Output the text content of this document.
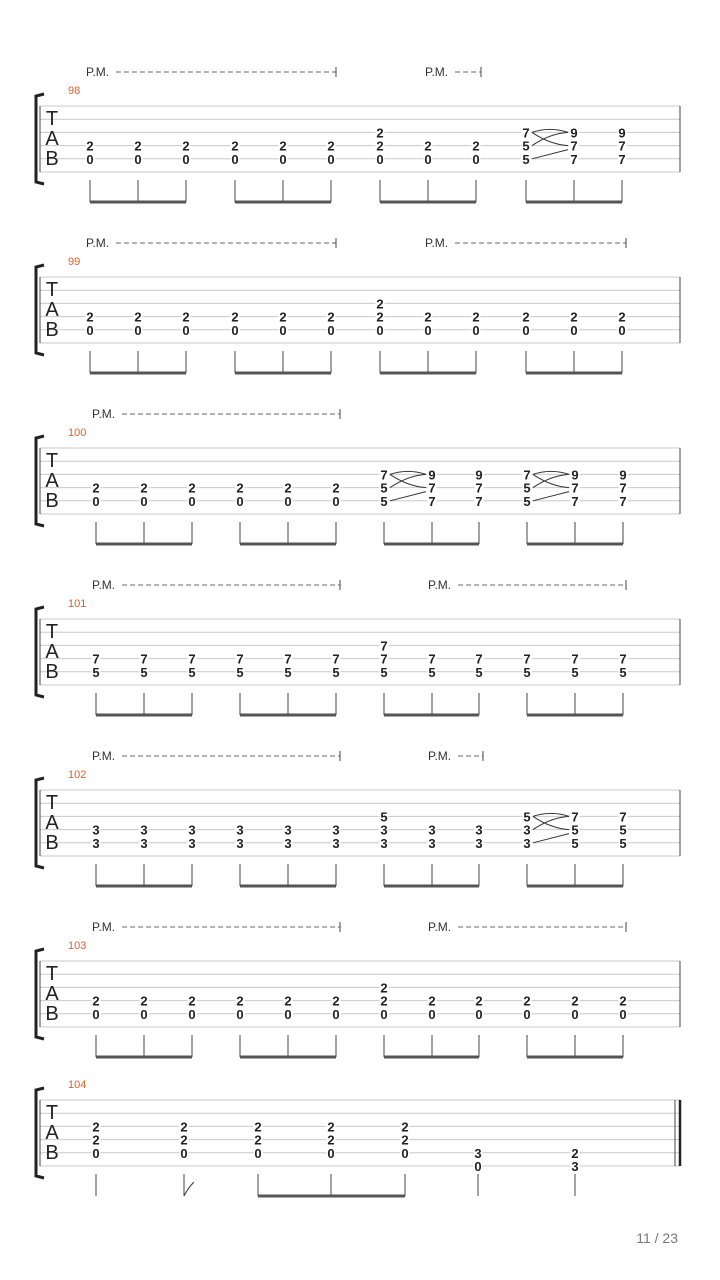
T
A
B
98
P.M.	P.M.
2
0
2
0
2
0
2
0
2
0
2
0
2
2
0
2
0
2
0
7
5
5
9
7
7
9
7
7
T
A
B
99
P.M.	P.M.
2
0
2
0
2
0
2
0
2
0
2
0
2
2
0
2
0
2
0
2
0
2
0
2
0
T
A
B
100
P.M.
2
0
2
0
2
0
2
0
2
0
2
0
7
5
5
9
7
7
9
7
7
7
5
5
9
7
7
9
7
7
T
A
B
101
P.M.	P.M.
7
5
7
5
7
5
7
5
7
5
7
5
7
7
5
7
5
7
5
7
5
7
5
7
5
T
A
B
102
P.M.	P.M.
3
3
3
3
3
3
3
3
3
3
3
3
5
3
3
3
3
3
3
5
3
3
7
5
5
7
5
5
T
A
B
103
P.M.	P.M.
2
0
2
0
2
0
2
0
2
0
2
0
2
2
0
2
0
2
0
2
0
2
0
2
0
T
A
B
104
2
2
0
2
2
0
2
2
0
2
2
0
2
2
0	3
0
2
3
11 / 23
